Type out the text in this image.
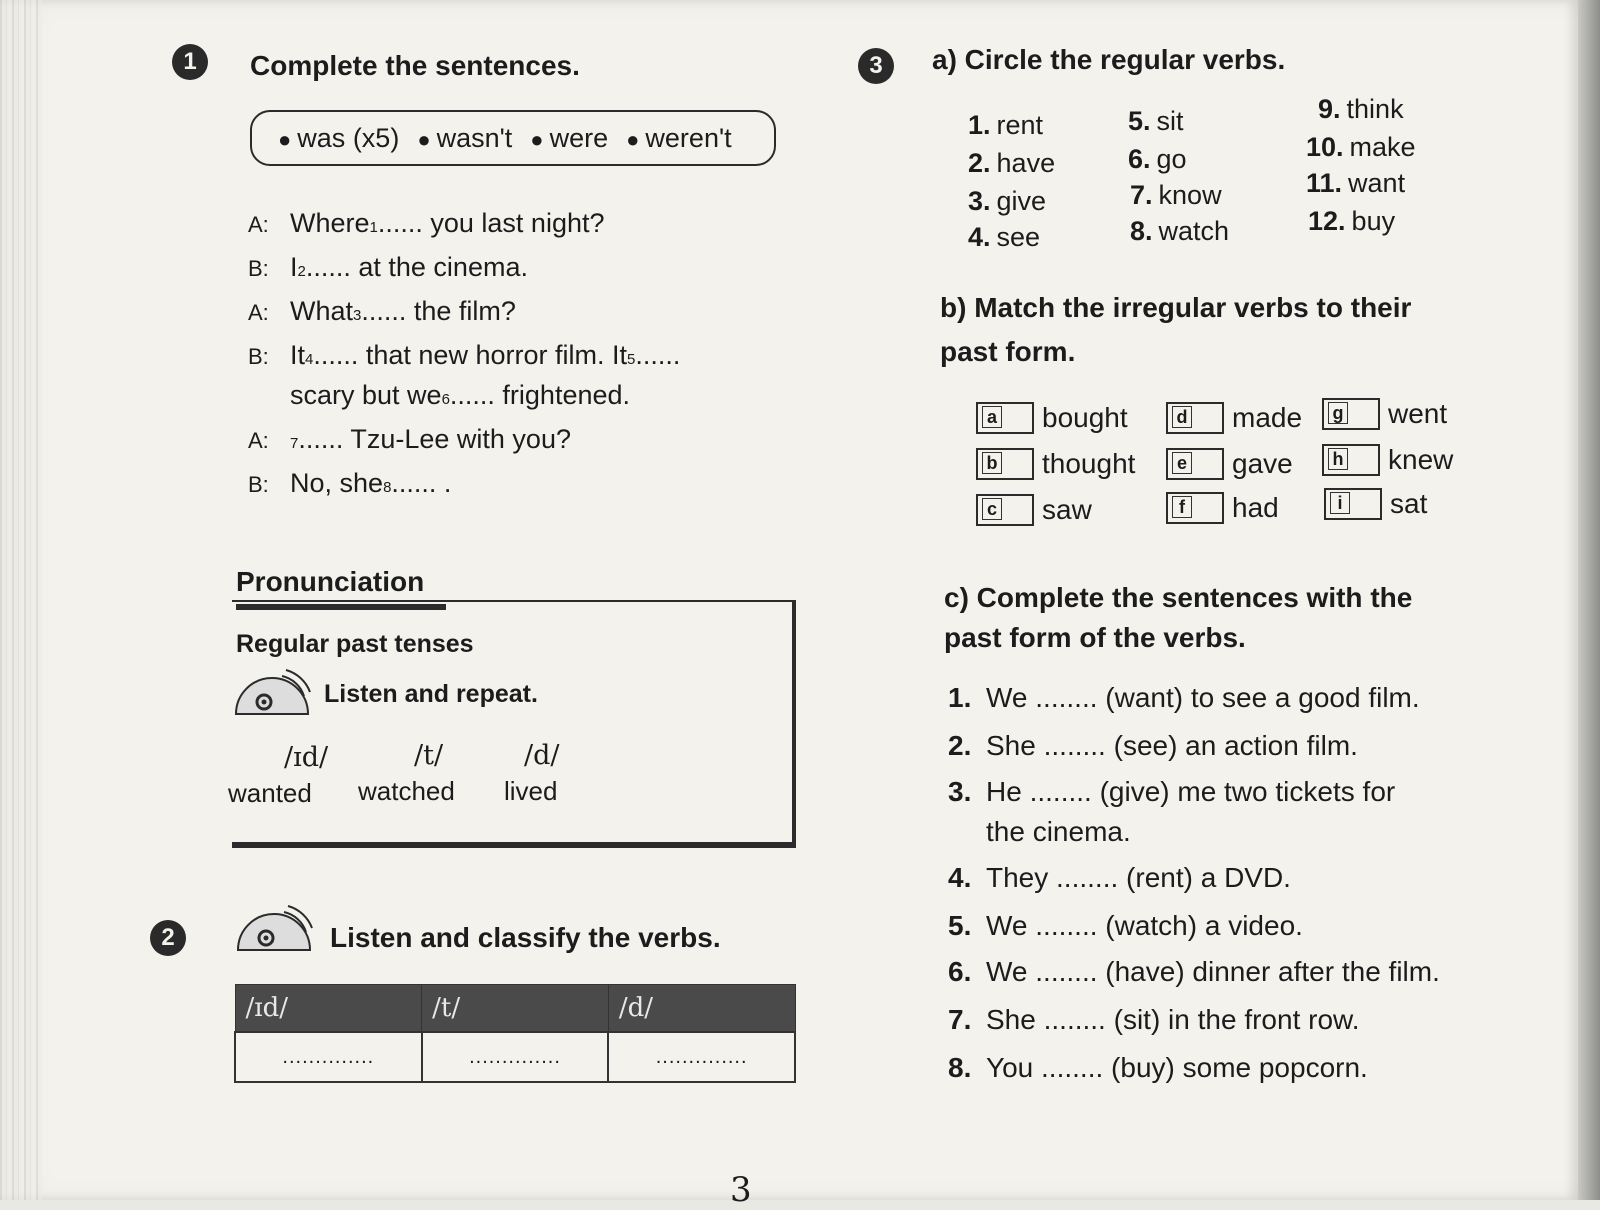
1	Complete the sentences.
● was (x5) ● wasn't ● were ● weren't
A: Where 1 ...... you last night?
B: I 2 ...... at the cinema.
A: What 3 ...... the film?
B: It 4 ...... that new horror film. It 5 ......
scary but we 6 ...... frightened.
A:	7 ...... Tzu-Lee with you?
B: No, she 8 ...... .
Pronunciation
Regular past tenses
Listen and repeat.
/ɪd/	/t/	/d/
wanted watched lived
2	Listen and classify the verbs.
/ɪd/	/t/	/d/
..............	..............	..............
3	a) Circle the regular verbs.
1. rent
2. have
3. give
4. see
5. sit
6. go
7. know
8. watch
9. think
10. make
11. want
12. buy
b) Match the irregular verbs to their
past form.
a bought	d made g went
b thought e gave h knew
c saw	f had	i sat
c) Complete the sentences with the
past form of the verbs.
1. We ........ (want) to see a good film.
2. She ........ (see) an action film.
3. He ........ (give) me two tickets for
the cinema.
4. They ........ (rent) a DVD.
5. We ........ (watch) a video.
6. We ........ (have) dinner after the film.
7. She ........ (sit) in the front row.
8. You ........ (buy) some popcorn.
3
